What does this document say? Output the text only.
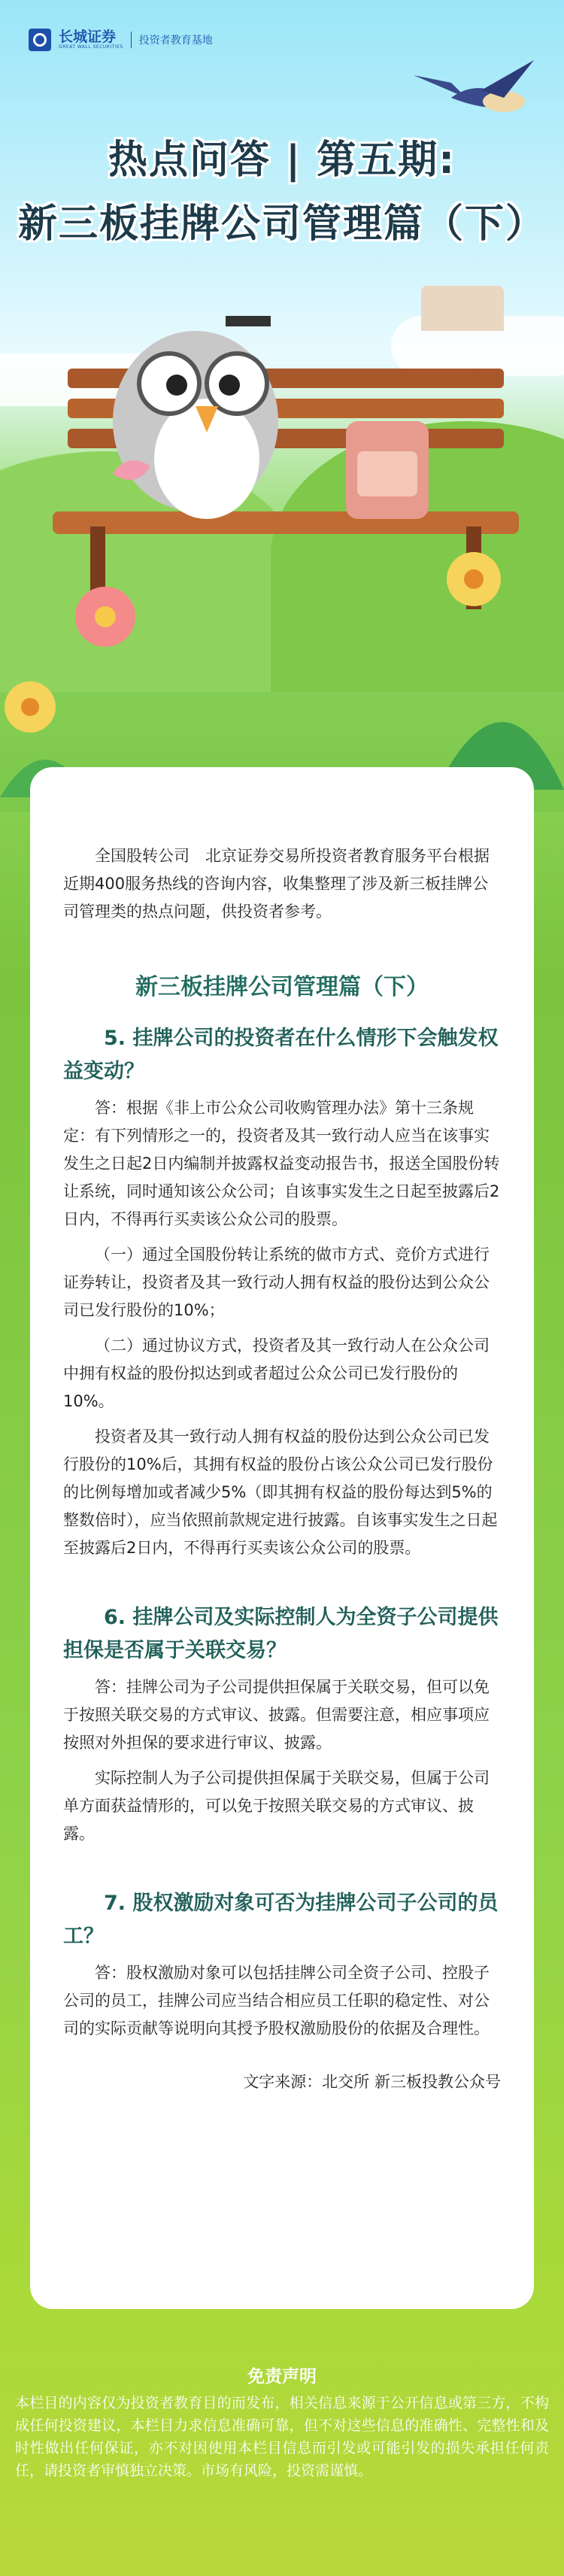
长城证券
GREAT WALL SECURITIES
投资者教育基地
热点问答 | 第五期:
新三板挂牌公司管理篇（下）

全国股转公司　北京证券交易所投资者教育服务平台根据近期400服务热线的咨询内容，收集整理了涉及新三板挂牌公司管理类的热点问题，供投资者参考。

新三板挂牌公司管理篇（下）
5. 挂牌公司的投资者在什么情形下会触发权益变动？

答：根据《非上市公众公司收购管理办法》第十三条规定：有下列情形之一的，投资者及其一致行动人应当在该事实发生之日起2日内编制并披露权益变动报告书，报送全国股份转让系统，同时通知该公众公司；自该事实发生之日起至披露后2日内，不得再行买卖该公众公司的股票。

（一）通过全国股份转让系统的做市方式、竞价方式进行证券转让，投资者及其一致行动人拥有权益的股份达到公众公司已发行股份的10%；

（二）通过协议方式，投资者及其一致行动人在公众公司中拥有权益的股份拟达到或者超过公众公司已发行股份的10%。

投资者及其一致行动人拥有权益的股份达到公众公司已发行股份的10%后，其拥有权益的股份占该公众公司已发行股份的比例每增加或者减少5%（即其拥有权益的股份每达到5%的整数倍时），应当依照前款规定进行披露。自该事实发生之日起至披露后2日内，不得再行买卖该公众公司的股票。

6. 挂牌公司及实际控制人为全资子公司提供担保是否属于关联交易？

答：挂牌公司为子公司提供担保属于关联交易，但可以免于按照关联交易的方式审议、披露。但需要注意，相应事项应按照对外担保的要求进行审议、披露。

实际控制人为子公司提供担保属于关联交易，但属于公司单方面获益情形的，可以免于按照关联交易的方式审议、披露。

7. 股权激励对象可否为挂牌公司子公司的员工？

答：股权激励对象可以包括挂牌公司全资子公司、控股子公司的员工，挂牌公司应当结合相应员工任职的稳定性、对公司的实际贡献等说明向其授予股权激励股份的依据及合理性。

文字来源：北交所 新三板投教公众号
免责声明
本栏目的内容仅为投资者教育目的而发布，相关信息来源于公开信息或第三方，不构成任何投资建议，本栏目力求信息准确可靠，但不对这些信息的准确性、完整性和及时性做出任何保证，亦不对因使用本栏目信息而引发或可能引发的损失承担任何责任，请投资者审慎独立决策。市场有风险，投资需谨慎。
